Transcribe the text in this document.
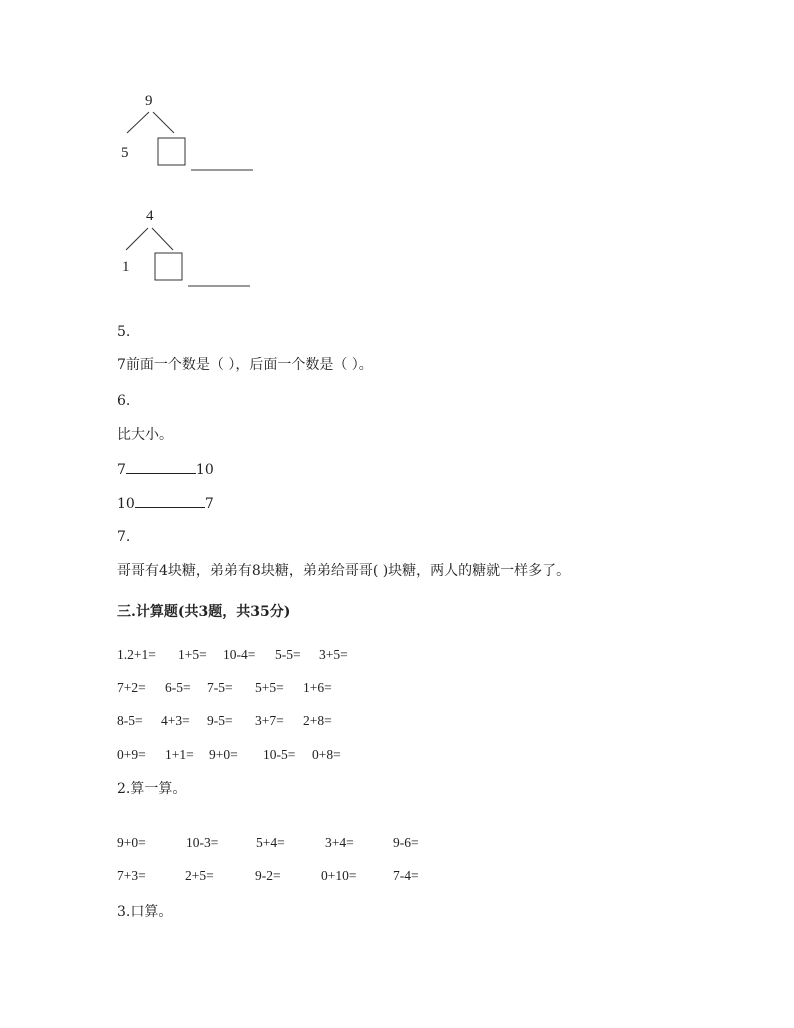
9
5
4
1
5.
7前面一个数是（ ），后面一个数是（ ）。
6.
比大小。
7	10
10	7
7.
哥哥有4块糖，弟弟有8块糖，弟弟给哥哥( )块糖，两人的糖就一样多了。
三.计算题(共3题，共35分)
1.2+1= 1+5= 10-4= 5-5= 3+5=
7+2= 6-5= 7-5= 5+5= 1+6=
8-5= 4+3= 9-5= 3+7= 2+8=
0+9= 1+1= 9+0= 10-5= 0+8=
2.算一算。
9+0=	10-3=	5+4=	3+4=	9-6=
7+3=	2+5=	9-2=	0+10=	7-4=
3.口算。
